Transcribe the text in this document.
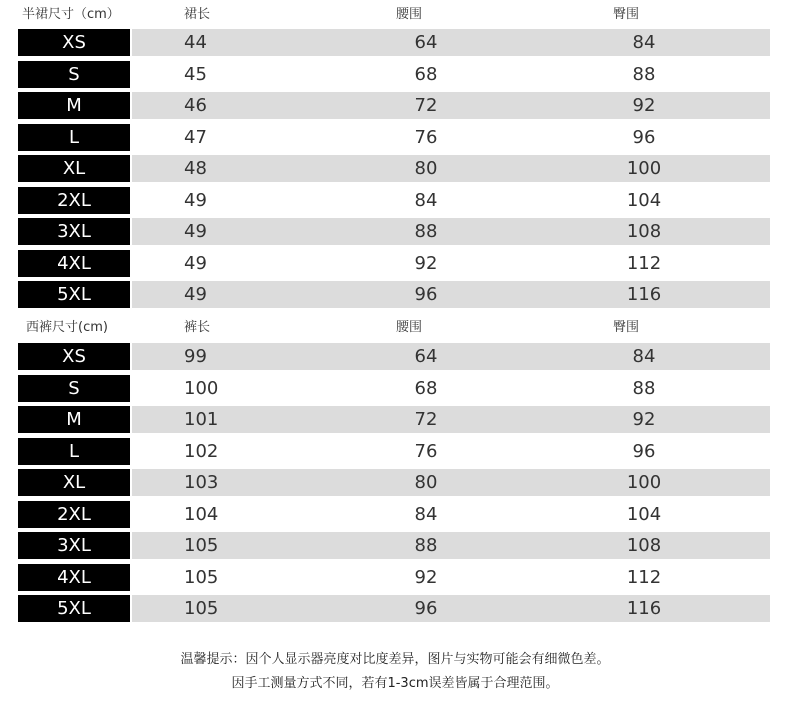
半裙尺寸（cm）	裙长	腰围	臀围
XS	44	64	84
S	45	68	88
M	46	72	92
L	47	76	96
XL	48	80	100
2XL	49	84	104
3XL	49	88	108
4XL	49	92	112
5XL	49	96	116
西裤尺寸(cm)	裤长	腰围	臀围
XS	99	64	84
S	100	68	88
M	101	72	92
L	102	76	96
XL	103	80	100
2XL	104	84	104
3XL	105	88	108
4XL	105	92	112
5XL	105	96	116
温馨提示：因个人显示器亮度对比度差异，图片与实物可能会有细微色差。
因手工测量方式不同，若有1-3cm误差皆属于合理范围。
